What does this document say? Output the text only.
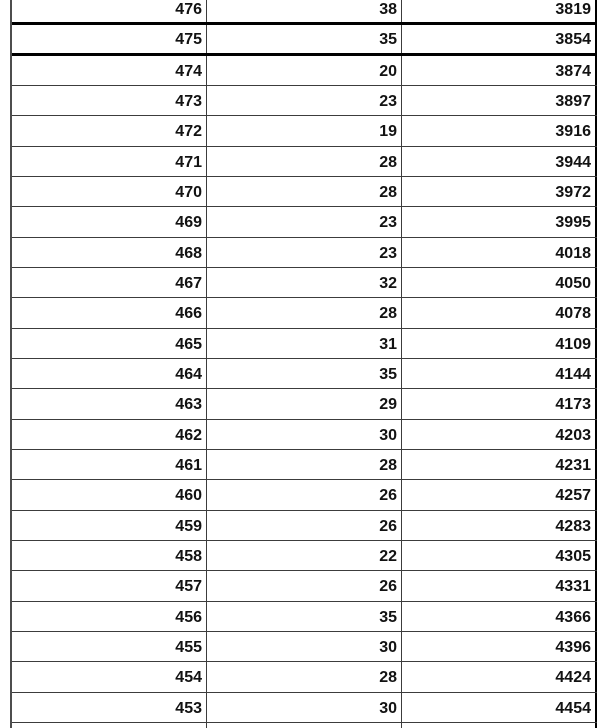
476	38	3819
475	35	3854
474	20	3874
473	23	3897
472	19	3916
471	28	3944
470	28	3972
469	23	3995
468	23	4018
467	32	4050
466	28	4078
465	31	4109
464	35	4144
463	29	4173
462	30	4203
461	28	4231
460	26	4257
459	26	4283
458	22	4305
457	26	4331
456	35	4366
455	30	4396
454	28	4424
453	30	4454
